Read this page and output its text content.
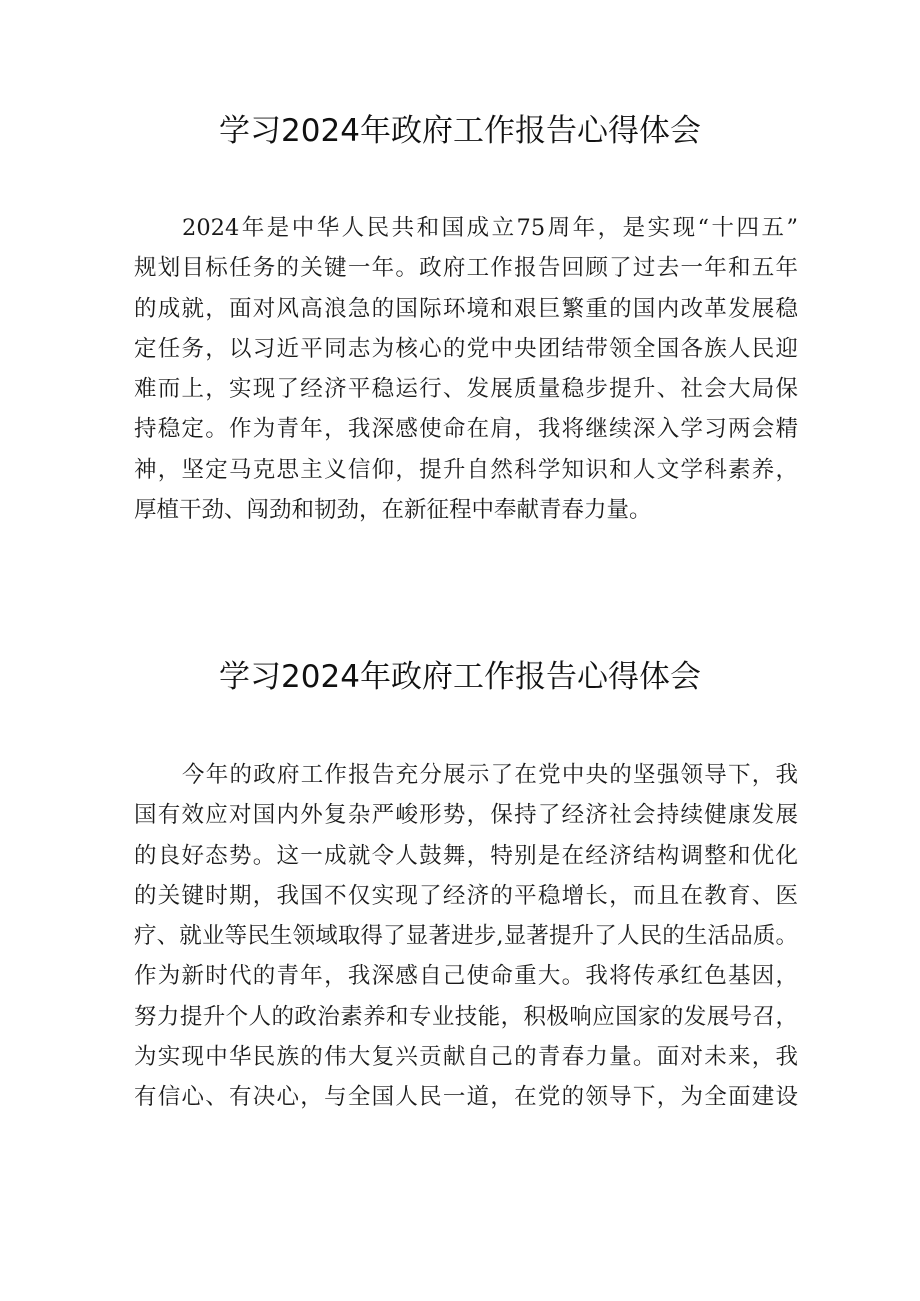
学习2024年政府工作报告心得体会
2024年是中华人民共和国成立75周年，是实现“十四五”
规划目标任务的关键一年。政府工作报告回顾了过去一年和五年
的成就，面对风高浪急的国际环境和艰巨繁重的国内改革发展稳
定任务，以习近平同志为核心的党中央团结带领全国各族人民迎
难而上，实现了经济平稳运行、发展质量稳步提升、社会大局保
持稳定。作为青年，我深感使命在肩，我将继续深入学习两会精
神，坚定马克思主义信仰，提升自然科学知识和人文学科素养，
厚植干劲、闯劲和韧劲，在新征程中奉献青春力量。
学习2024年政府工作报告心得体会
今年的政府工作报告充分展示了在党中央的坚强领导下，我
国有效应对国内外复杂严峻形势，保持了经济社会持续健康发展
的良好态势。这一成就令人鼓舞，特别是在经济结构调整和优化
的关键时期，我国不仅实现了经济的平稳增长，而且在教育、医
疗、就业等民生领域取得了显著进步,显著提升了人民的生活品质。
作为新时代的青年，我深感自己使命重大。我将传承红色基因，
努力提升个人的政治素养和专业技能，积极响应国家的发展号召，
为实现中华民族的伟大复兴贡献自己的青春力量。面对未来，我
有信心、有决心，与全国人民一道，在党的领导下，为全面建设
